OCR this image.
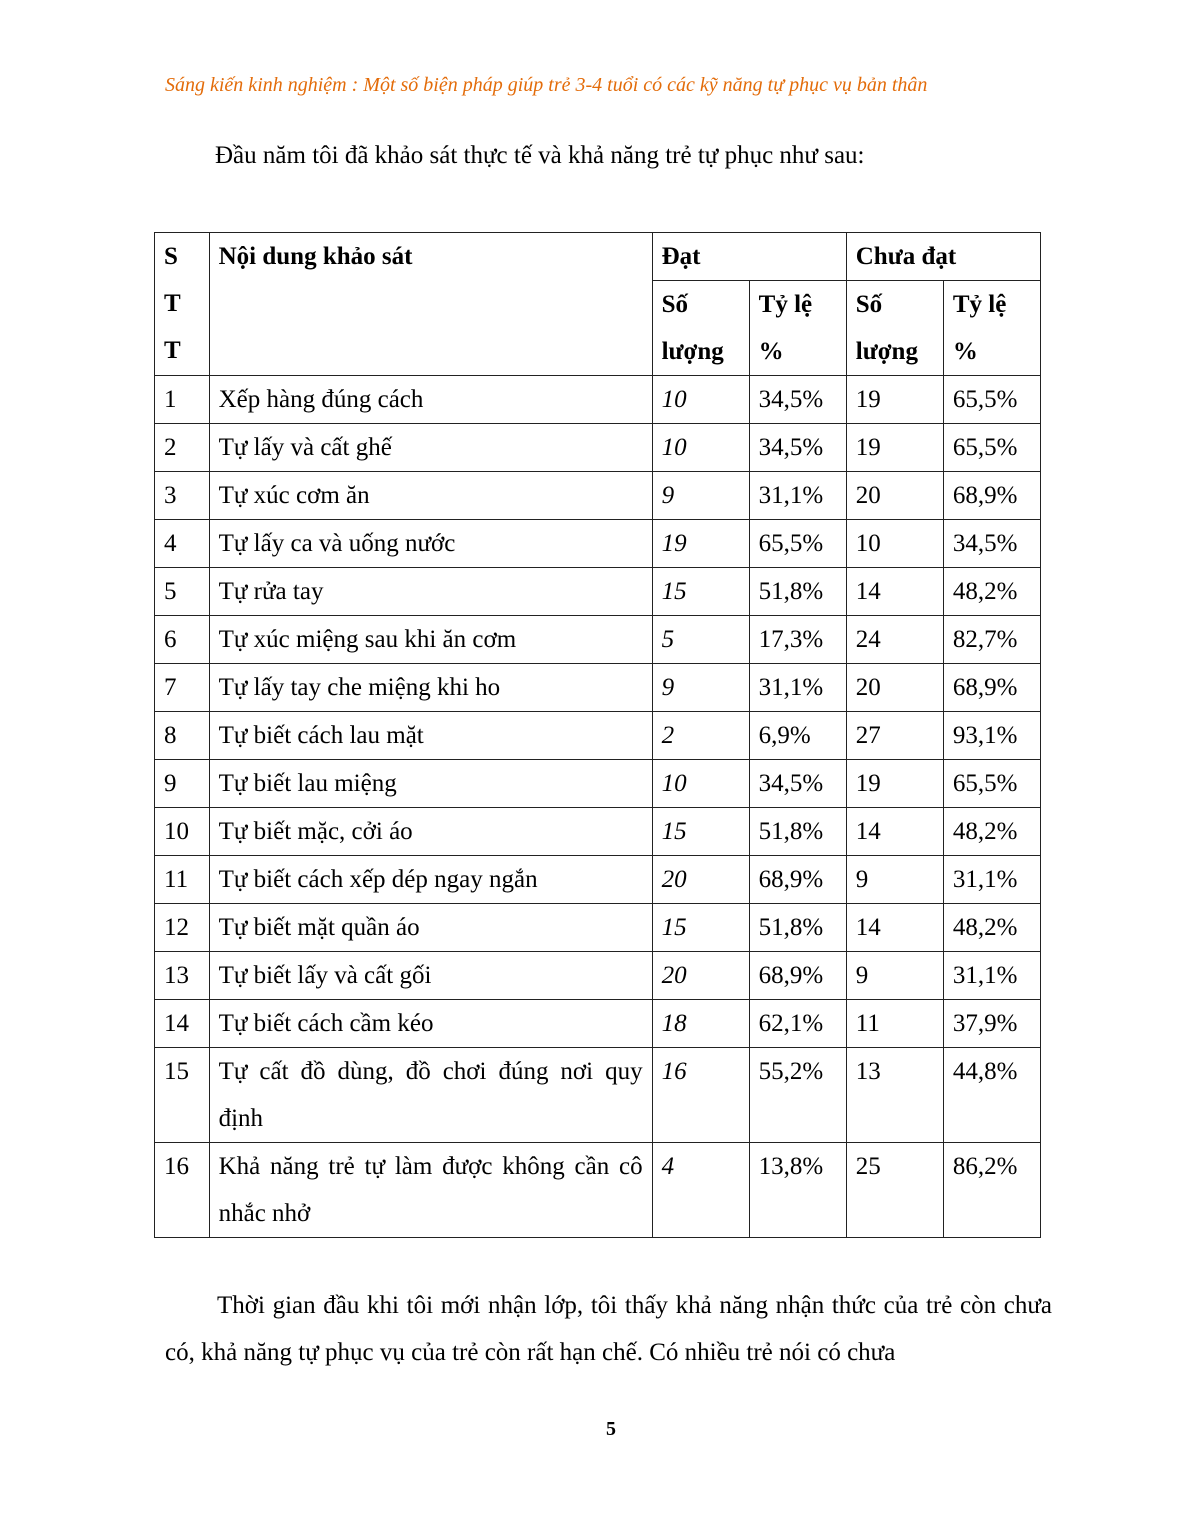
Sáng kiến kinh nghiệm : Một số biện pháp giúp trẻ 3-4 tuổi có các kỹ năng tự phục vụ bản thân
Đầu năm tôi đã khảo sát thực tế và khả năng trẻ tự phục như sau:
S
T
T	Nội dung khảo sát	Đạt		Chưa đạt	
		Số lượng	Tỷ lệ %	Số lượng	Tỷ lệ %
1	Xếp hàng đúng cách	10	34,5%	19	65,5%
2	Tự lấy và cất ghế	10	34,5%	19	65,5%
3	Tự xúc cơm ăn	9	31,1%	20	68,9%
4	Tự lấy ca và uống nước	19	65,5%	10	34,5%
5	Tự rửa tay	15	51,8%	14	48,2%
6	Tự xúc miệng sau khi ăn cơm	5	17,3%	24	82,7%
7	Tự lấy tay che miệng khi ho	9	31,1%	20	68,9%
8	Tự biết cách lau mặt	2	6,9%	27	93,1%
9	Tự biết lau miệng	10	34,5%	19	65,5%
10	Tự biết mặc, cởi áo	15	51,8%	14	48,2%
11	Tự biết cách xếp dép ngay ngắn	20	68,9%	9	31,1%
12	Tự biết mặt quần áo	15	51,8%	14	48,2%
13	Tự biết lấy và cất gối	20	68,9%	9	31,1%
14	Tự biết cách cầm kéo	18	62,1%	11	37,9%
15	Tự cất đồ dùng, đồ chơi đúng nơi quy định	16	55,2%	13	44,8%
16	Khả năng trẻ tự làm được không cần cô nhắc nhở	4	13,8%	25	86,2%
Thời gian đầu khi tôi mới nhận lớp, tôi thấy khả năng nhận thức của trẻ còn chưa có, khả năng tự phục vụ của trẻ còn rất hạn chế. Có nhiều trẻ nói có chưa
5
